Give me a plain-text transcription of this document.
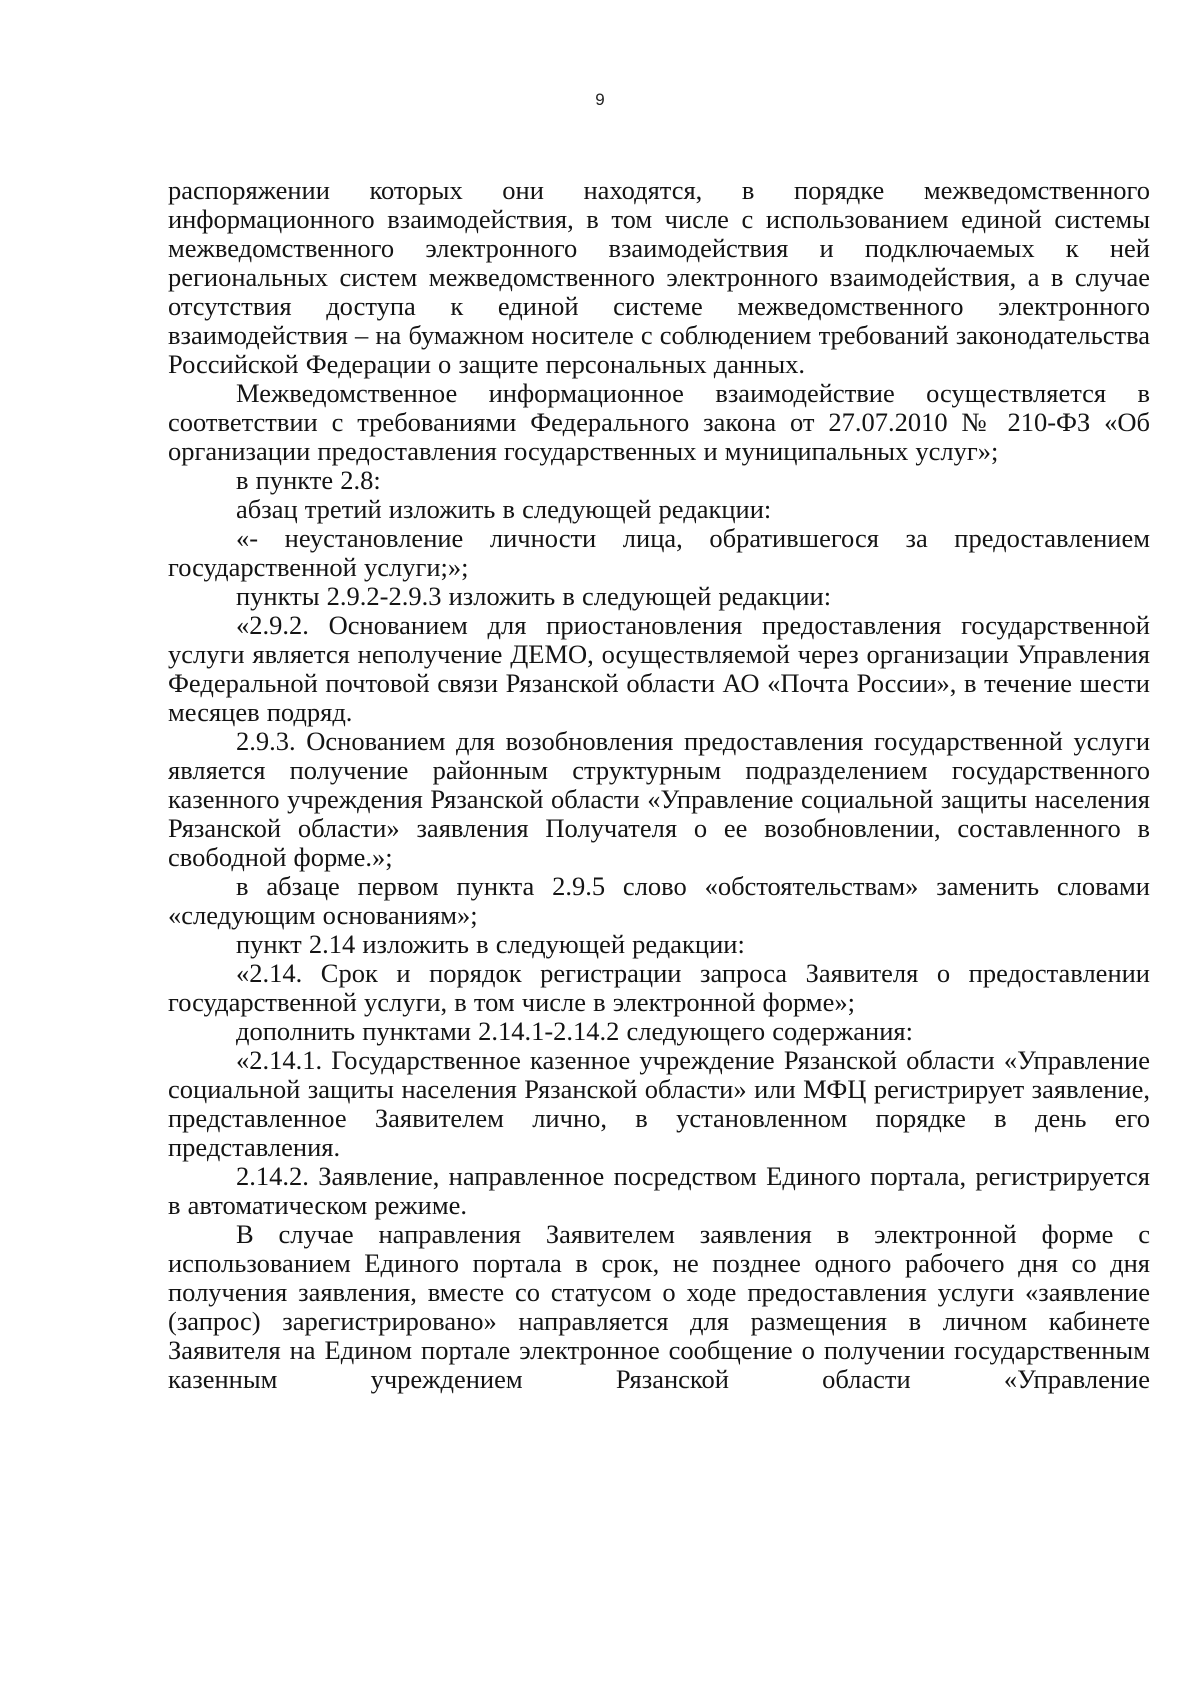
9

распоряжении которых они находятся, в порядке межведомственного информационного взаимодействия, в том числе с использованием единой системы межведомственного электронного взаимодействия и подключаемых к ней региональных систем межведомственного электронного взаимодействия, а в случае отсутствия доступа к единой системе межведомственного электронного взаимодействия – на бумажном носителе с соблюдением требований законодательства Российской Федерации о защите персональных данных.

Межведомственное информационное взаимодействие осуществляется в соответствии с требованиями Федерального закона от 27.07.2010 № 210-ФЗ «Об организации предоставления государственных и муниципальных услуг»;

в пункте 2.8:

абзац третий изложить в следующей редакции:

«- неустановление личности лица, обратившегося за предоставлением государственной услуги;»;

пункты 2.9.2-2.9.3 изложить в следующей редакции:

«2.9.2. Основанием для приостановления предоставления государственной услуги является неполучение ДЕМО, осуществляемой через организации Управления Федеральной почтовой связи Рязанской области АО «Почта России», в течение шести месяцев подряд.

2.9.3. Основанием для возобновления предоставления государственной услуги является получение районным структурным подразделением государственного казенного учреждения Рязанской области «Управление социальной защиты населения Рязанской области» заявления Получателя о ее возобновлении, составленного в свободной форме.»;

в абзаце первом пункта 2.9.5 слово «обстоятельствам» заменить словами «следующим основаниям»;

пункт 2.14 изложить в следующей редакции:

«2.14. Срок и порядок регистрации запроса Заявителя о предоставлении государственной услуги, в том числе в электронной форме»;

дополнить пунктами 2.14.1-2.14.2 следующего содержания:

«2.14.1. Государственное казенное учреждение Рязанской области «Управление социальной защиты населения Рязанской области» или МФЦ регистрирует заявление, представленное Заявителем лично, в установленном порядке в день его представления.

2.14.2. Заявление, направленное посредством Единого портала, регистрируется в автоматическом режиме.

В случае направления Заявителем заявления в электронной форме с использованием Единого портала в срок, не позднее одного рабочего дня со дня получения заявления, вместе со статусом о ходе предоставления услуги «заявление (запрос) зарегистрировано» направляется для размещения в личном кабинете Заявителя на Едином портале электронное сообщение о получении государственным казенным учреждением Рязанской области «Управление
